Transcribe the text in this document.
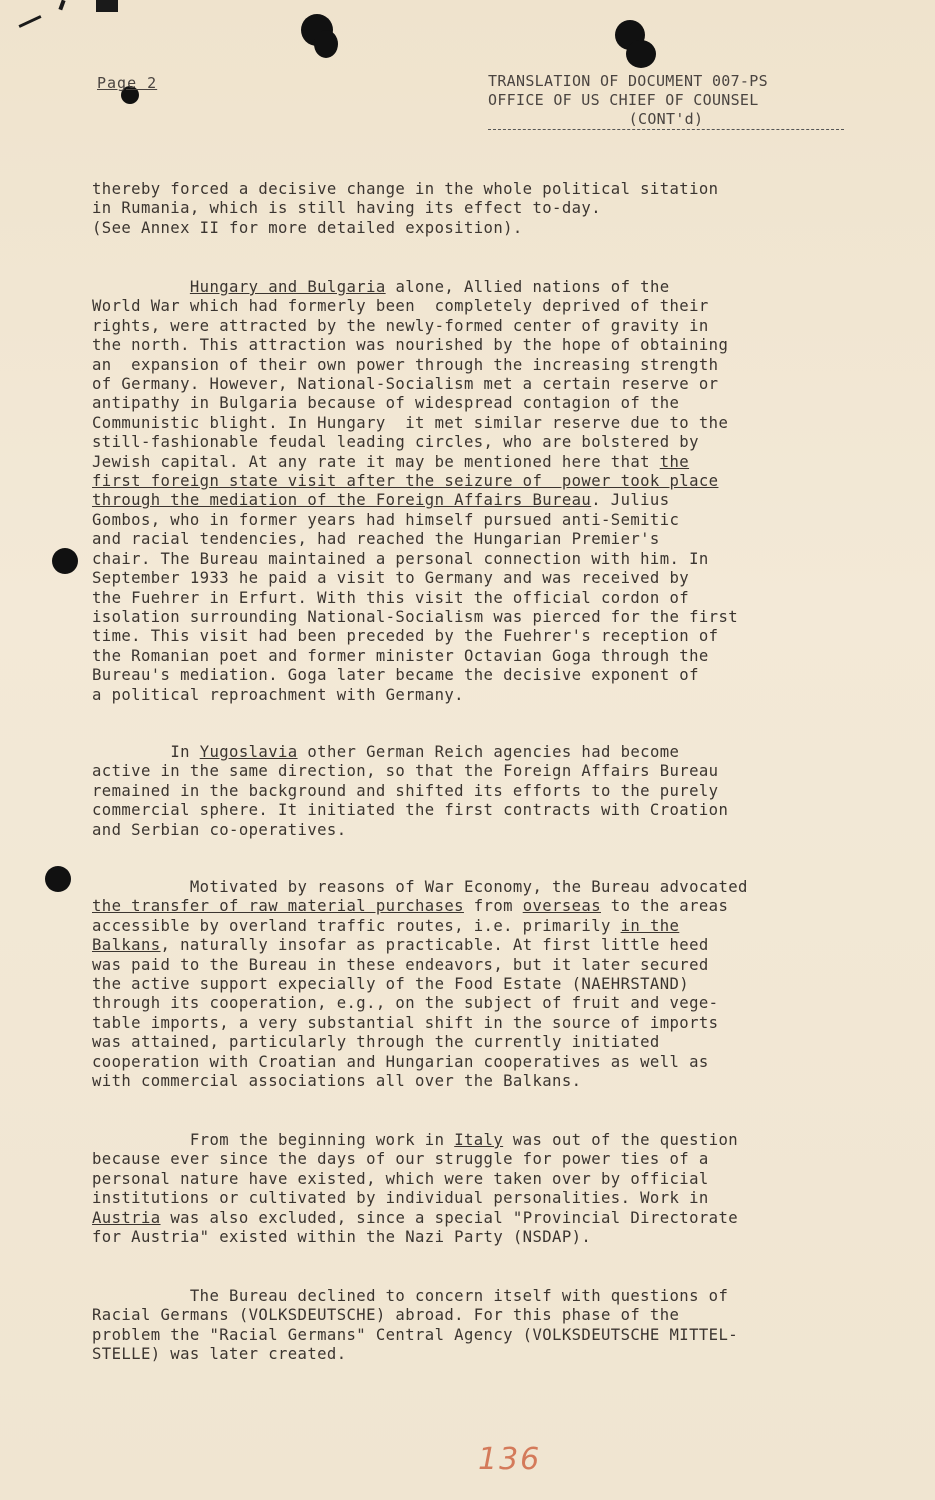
Page 2	TRANSLATION OF DOCUMENT 007-PS
OFFICE OF US CHIEF OF COUNSEL
(CONT'd)
thereby forced a decisive change in the whole political sitation
in Rumania, which is still having its effect to-day.
(See Annex II for more detailed exposition).
Hungary and Bulgaria alone, Allied nations of the
World War which had formerly been  completely deprived of their
rights, were attracted by the newly-formed center of gravity in
the north. This attraction was nourished by the hope of obtaining
an  expansion of their own power through the increasing strength
of Germany. However, National-Socialism met a certain reserve or
antipathy in Bulgaria because of widespread contagion of the
Communistic blight. In Hungary  it met similar reserve due to the
still-fashionable feudal leading circles, who are bolstered by
Jewish capital. At any rate it may be mentioned here that the
first foreign state visit after the seizure of  power took place
through the mediation of the Foreign Affairs Bureau. Julius
Gombos, who in former years had himself pursued anti-Semitic
and racial tendencies, had reached the Hungarian Premier's
chair. The Bureau maintained a personal connection with him. In
September 1933 he paid a visit to Germany and was received by
the Fuehrer in Erfurt. With this visit the official cordon of
isolation surrounding National-Socialism was pierced for the first
time. This visit had been preceded by the Fuehrer's reception of
the Romanian poet and former minister Octavian Goga through the
Bureau's mediation. Goga later became the decisive exponent of
a political reproachment with Germany.
In Yugoslavia other German Reich agencies had become
active in the same direction, so that the Foreign Affairs Bureau
remained in the background and shifted its efforts to the purely
commercial sphere. It initiated the first contracts with Croation
and Serbian co-operatives.
Motivated by reasons of War Economy, the Bureau advocated
the transfer of raw material purchases from overseas to the areas
accessible by overland traffic routes, i.e. primarily in the
Balkans, naturally insofar as practicable. At first little heed
was paid to the Bureau in these endeavors, but it later secured
the active support expecially of the Food Estate (NAEHRSTAND)
through its cooperation, e.g., on the subject of fruit and vege-
table imports, a very substantial shift in the source of imports
was attained, particularly through the currently initiated
cooperation with Croatian and Hungarian cooperatives as well as
with commercial associations all over the Balkans.
From the beginning work in Italy was out of the question
because ever since the days of our struggle for power ties of a
personal nature have existed, which were taken over by official
institutions or cultivated by individual personalities. Work in
Austria was also excluded, since a special "Provincial Directorate
for Austria" existed within the Nazi Party (NSDAP).
The Bureau declined to concern itself with questions of
Racial Germans (VOLKSDEUTSCHE) abroad. For this phase of the
problem the "Racial Germans" Central Agency (VOLKSDEUTSCHE MITTEL-
STELLE) was later created.
136
